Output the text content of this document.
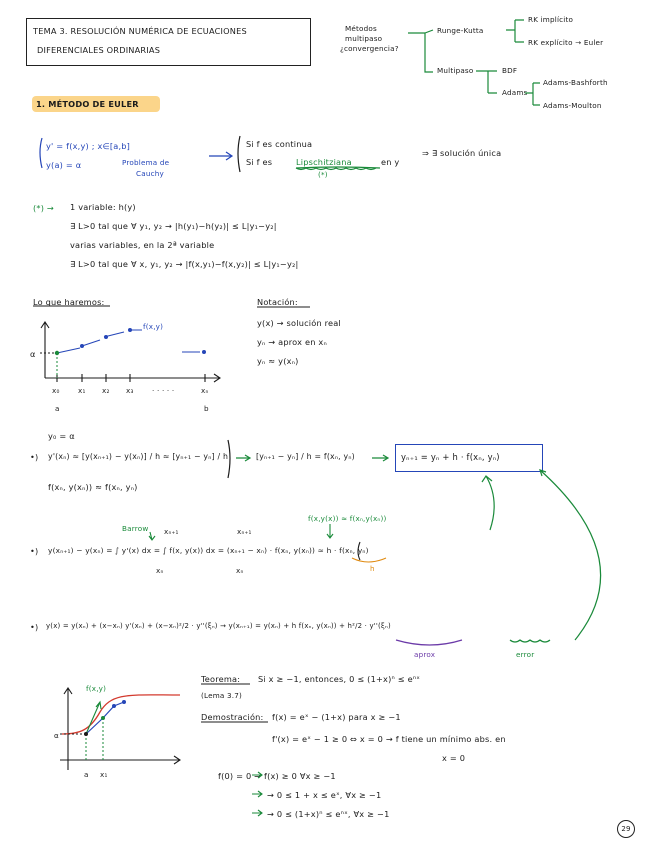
TEMA 3. RESOLUCIÓN NUMÉRICA DE ECUACIONES
DIFERENCIALES ORDINARIAS
Métodos
multipaso
¿convergencia?
Runge-Kutta
RK implícito
RK explícito → Euler
Multipaso	BDF
Adams
Adams-Bashforth
Adams-Moulton
1. MÉTODO DE EULER
y' = f(x,y) ; x∈[a,b]
y(a) = α	Problema de
Cauchy
Si f es continua
Si f es	Lipschitziana	en y
(*)
⇒ ∃ solución única
(*) → 1 variable: h(y)
∃ L>0 tal que ∀ y₁, y₂ → |h(y₁)−h(y₂)| ≤ L|y₁−y₂|
varias variables, en la 2ª variable
∃ L>0 tal que ∀ x, y₁, y₂ → |f(x,y₁)−f(x,y₂)| ≤ L|y₁−y₂|
Lo que haremos:
f(x,y)
α
x₀	x₁ x₂ x₃	· · · · ·	xₙ
a	b
Notación:
y(x) → solución real
yₙ → aprox en xₙ
yₙ ≈ y(xₙ)
y₀ = α
•) y'(xₙ) ≈ [y(xₙ₊₁) − y(xₙ)] / h ≈ [yₙ₊₁ − yₙ] / h	[yₙ₊₁ − yₙ] / h = f(xₙ, yₙ)
f(xₙ, y(xₙ)) ≈ f(xₙ, yₙ)
yₙ₊₁ = yₙ + h · f(xₙ, yₙ)
Barrow
f(x,y(x)) ≈ f(xₙ,y(xₙ))
•)
xₙ₊₁	xₙ₊₁
y(xₙ₊₁) − y(xₙ) = ∫ y'(x) dx = ∫ f(x, y(x)) dx = (xₙ₊₁ − xₙ) · f(xₙ, y(xₙ)) ≈ h · f(xₙ, yₙ)
xₙ	xₙ	h
•) y(x) = y(xₙ) + (x−xₙ) y'(xₙ) + (x−xₙ)²/2 · y''(ξₙ) → y(xₙ₊₁) = y(xₙ) + h f(xₙ, y(xₙ)) + h²/2 · y''(ξₙ)
aprox	error
Teorema: Si x ≥ −1, entonces, 0 ≤ (1+x)ⁿ ≤ eⁿˣ
(Lema 3.7)
Demostración: f(x) = eˣ − (1+x) para x ≥ −1
f'(x) = eˣ − 1 ≥ 0 ⇔ x = 0 → f tiene un mínimo abs. en
x = 0
f(0) = 0 → f(x) ≥ 0 ∀x ≥ −1
→ 0 ≤ 1 + x ≤ eˣ, ∀x ≥ −1
→ 0 ≤ (1+x)ⁿ ≤ eⁿˣ, ∀x ≥ −1
f(x,y)
α
a x₁
29
